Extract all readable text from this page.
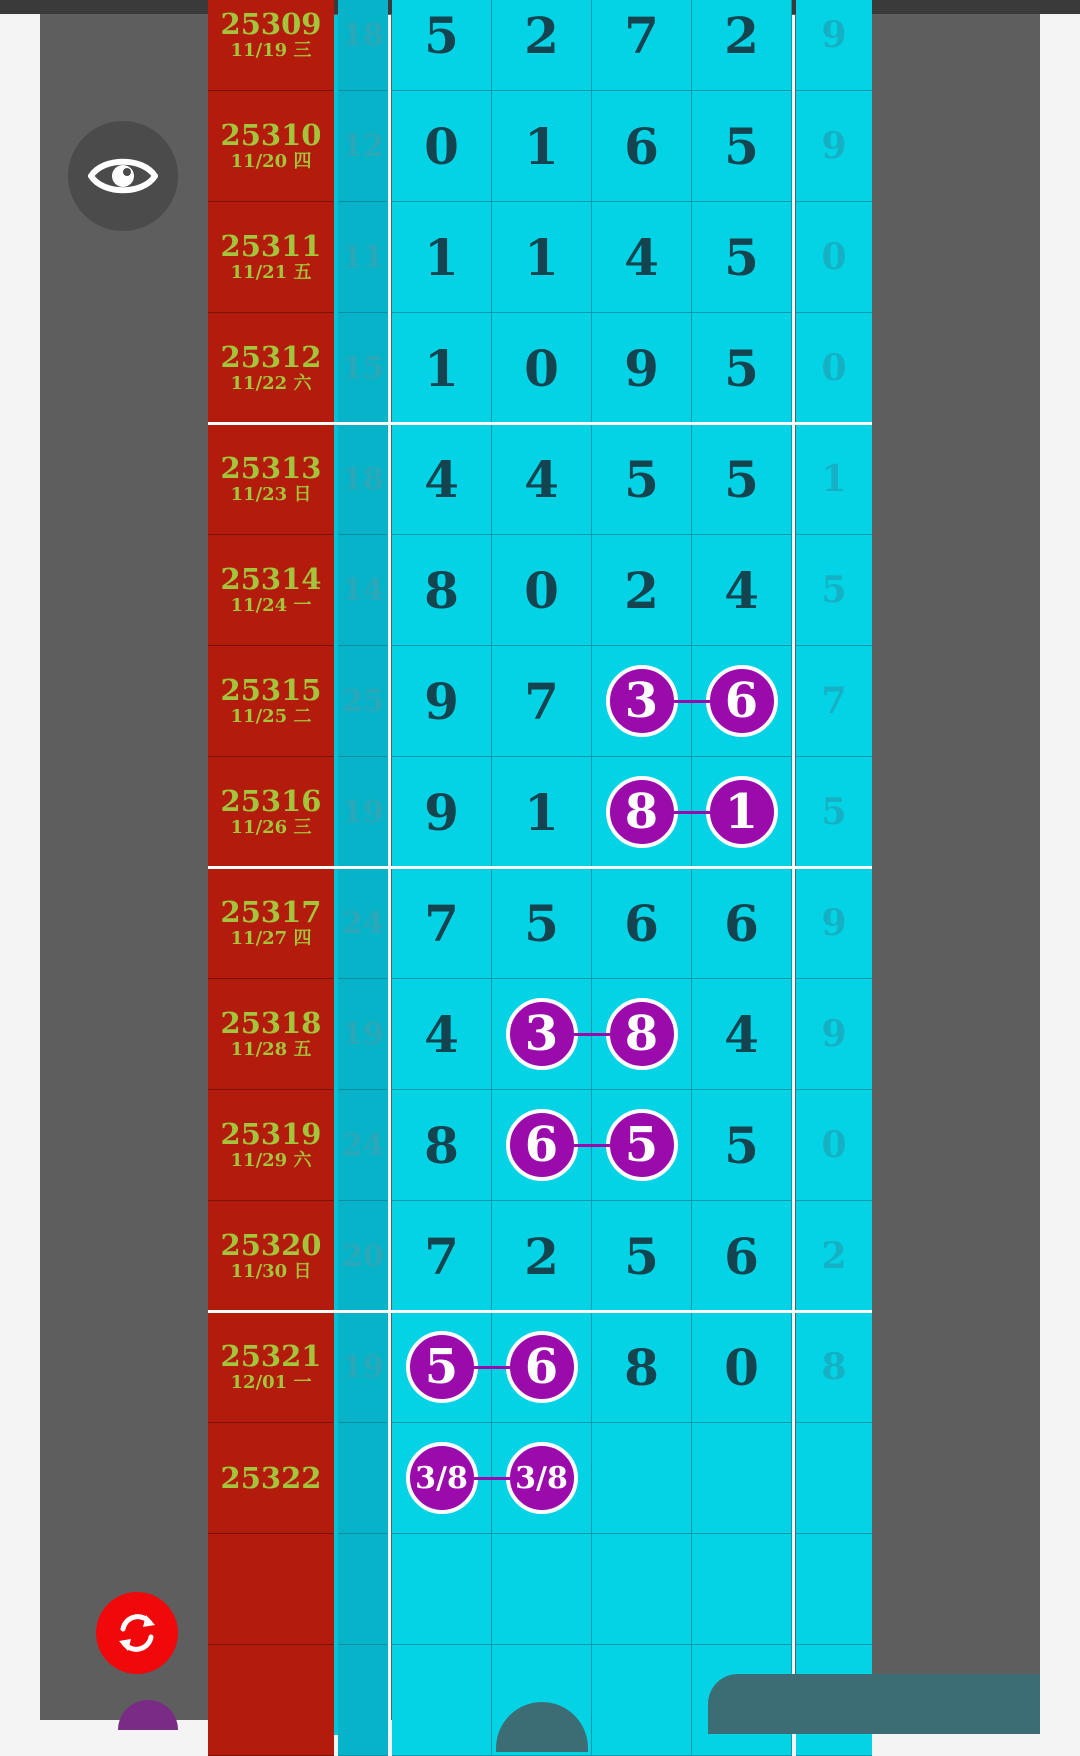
25309
11/19 三 18 5	2	7	2	9
25310
11/20 四 12 0	1	6	5	9
25311
11/21 五 11 1	1	4	5	0
25312
11/22 六 15 1	0	9	5	0
25313
11/23 日 18 4	4	5	5	1
25314
11/24 一 14 8	0	2	4	5
25315
11/25 二 25 9	7	3	6	7
25316
11/26 三 19 9	1	8	1	5
25317
11/27 四 24 7	5	6	6	9
25318
11/28 五 19 4	3	8	4	9
25319
11/29 六 24 8	6	5	5	0
25320
11/30 日 20 7	2	5	6	2
25321
12/01 一 19 5	6	8	0	8
25322	3/8	3/8
